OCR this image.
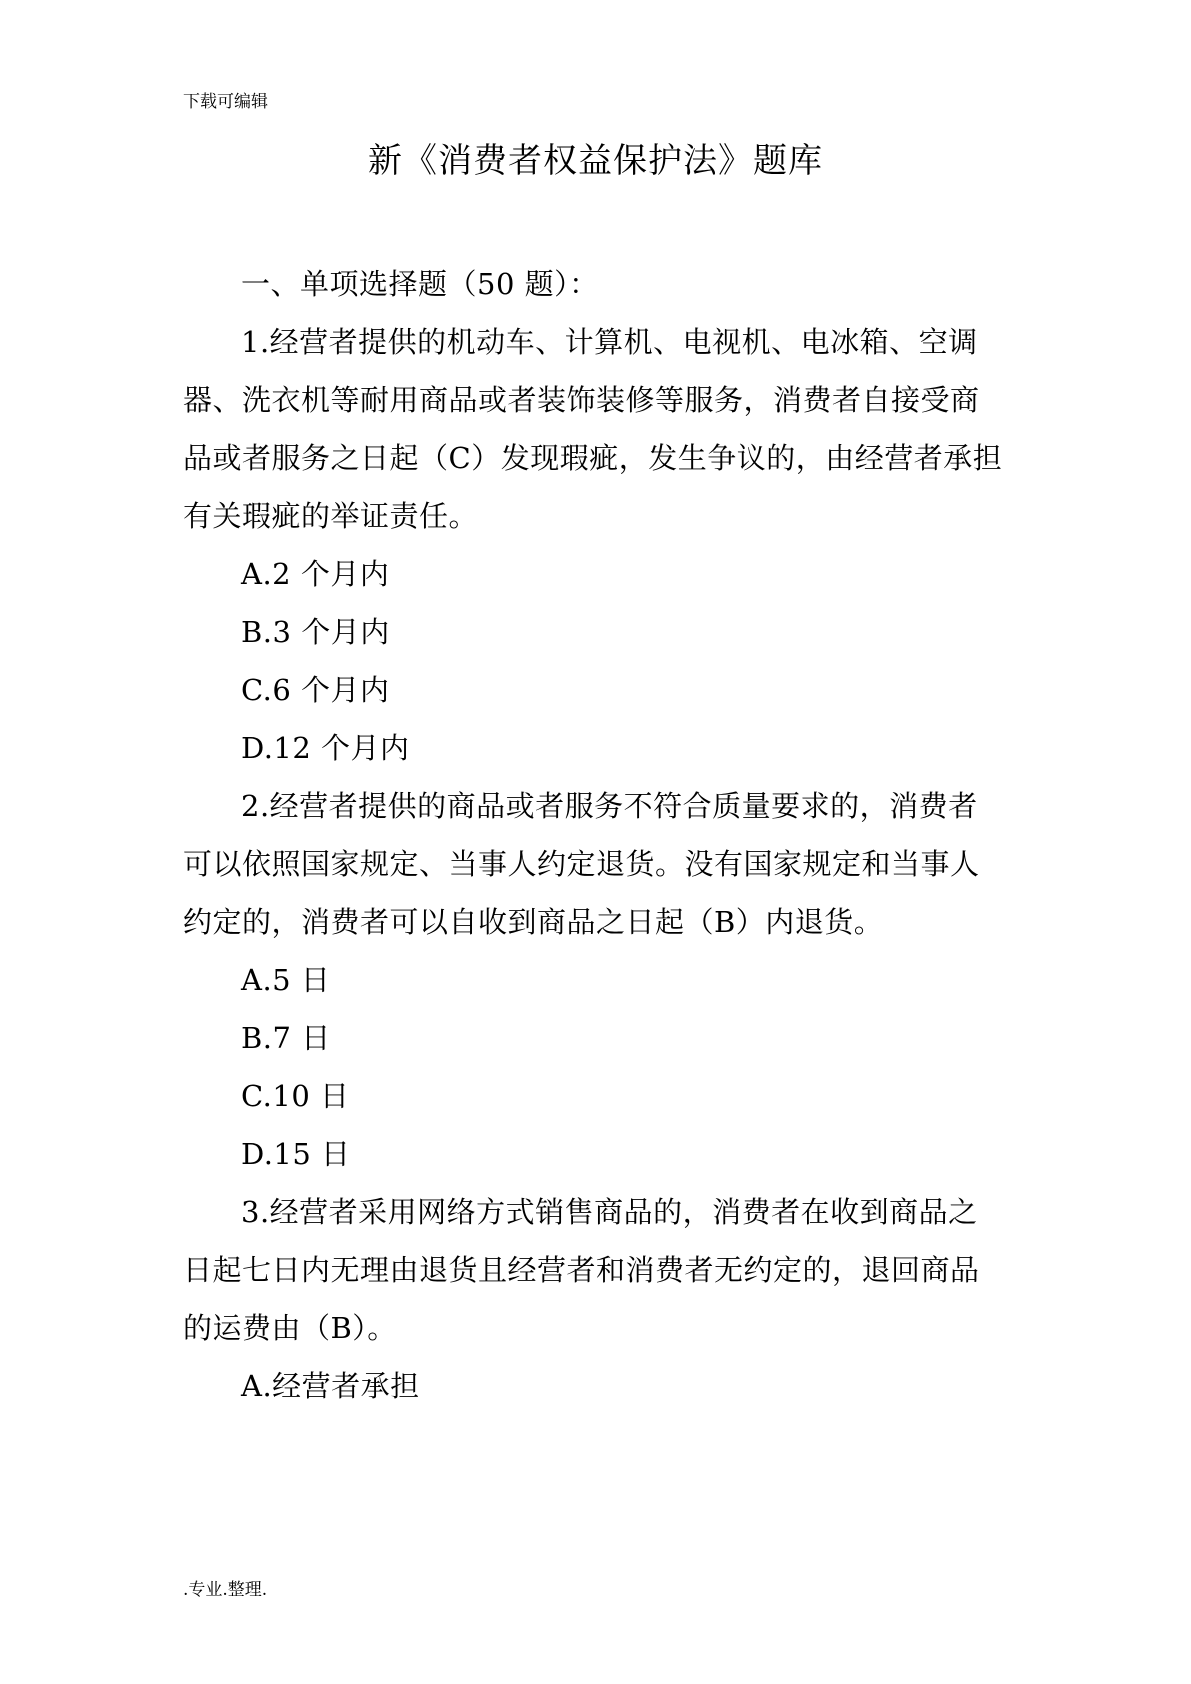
下载可编辑
新《消费者权益保护法》题库
一、单项选择题（50 题）：
1.经营者提供的机动车、计算机、电视机、电冰箱、空调
器、洗衣机等耐用商品或者装饰装修等服务，消费者自接受商
品或者服务之日起（C）发现瑕疵，发生争议的，由经营者承担
有关瑕疵的举证责任。
A.2 个月内
B.3 个月内
C.6 个月内
D.12 个月内
2.经营者提供的商品或者服务不符合质量要求的，消费者
可以依照国家规定、当事人约定退货。没有国家规定和当事人
约定的，消费者可以自收到商品之日起（B）内退货。
A.5 日
B.7 日
C.10 日
D.15 日
3.经营者采用网络方式销售商品的，消费者在收到商品之
日起七日内无理由退货且经营者和消费者无约定的，退回商品
的运费由（B）。
A.经营者承担
.专业.整理.
